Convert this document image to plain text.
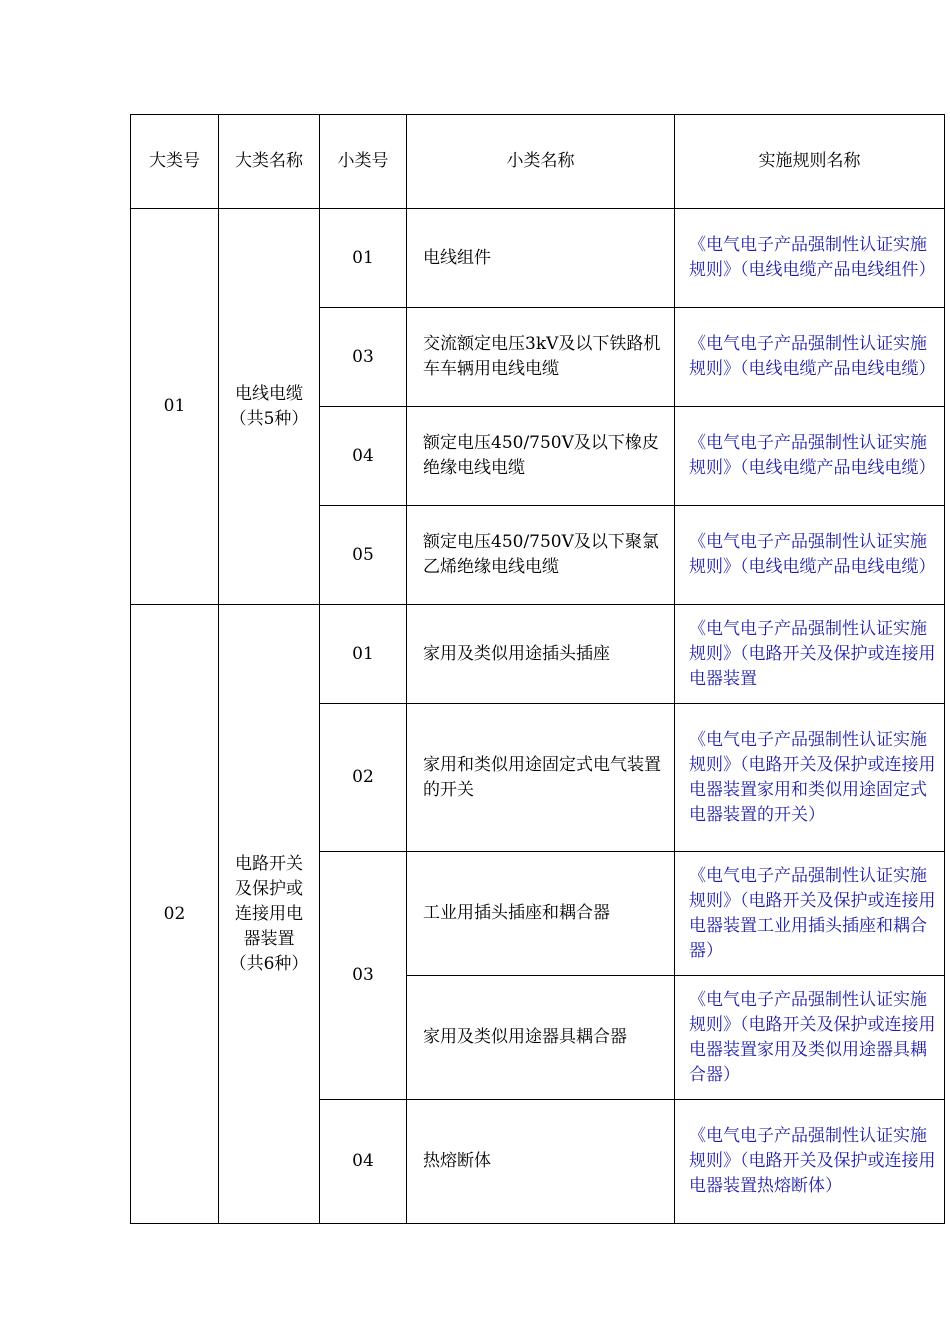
大类号	大类名称	小类号	小类名称	实施规则名称
01	电线电缆（共5种）	01	电线组件	《电气电子产品强制性认证实施规则》（电线电缆产品电线组件）
		03	交流额定电压3kV及以下铁路机车车辆用电线电缆	《电气电子产品强制性认证实施规则》（电线电缆产品电线电缆）
		04	额定电压450/750V及以下橡皮绝缘电线电缆	《电气电子产品强制性认证实施规则》（电线电缆产品电线电缆）
		05	额定电压450/750V及以下聚氯乙烯绝缘电线电缆	《电气电子产品强制性认证实施规则》（电线电缆产品电线电缆）
02	电路开关及保护或连接用电器装置（共6种）	01	家用及类似用途插头插座	《电气电子产品强制性认证实施规则》（电路开关及保护或连接用电器装置
		02	家用和类似用途固定式电气装置的开关	《电气电子产品强制性认证实施规则》（电路开关及保护或连接用电器装置家用和类似用途固定式电器装置的开关）
		03	工业用插头插座和耦合器	《电气电子产品强制性认证实施规则》（电路开关及保护或连接用电器装置工业用插头插座和耦合器）
			家用及类似用途器具耦合器	《电气电子产品强制性认证实施规则》（电路开关及保护或连接用电器装置家用及类似用途器具耦合器）
		04	热熔断体	《电气电子产品强制性认证实施规则》（电路开关及保护或连接用电器装置热熔断体）
